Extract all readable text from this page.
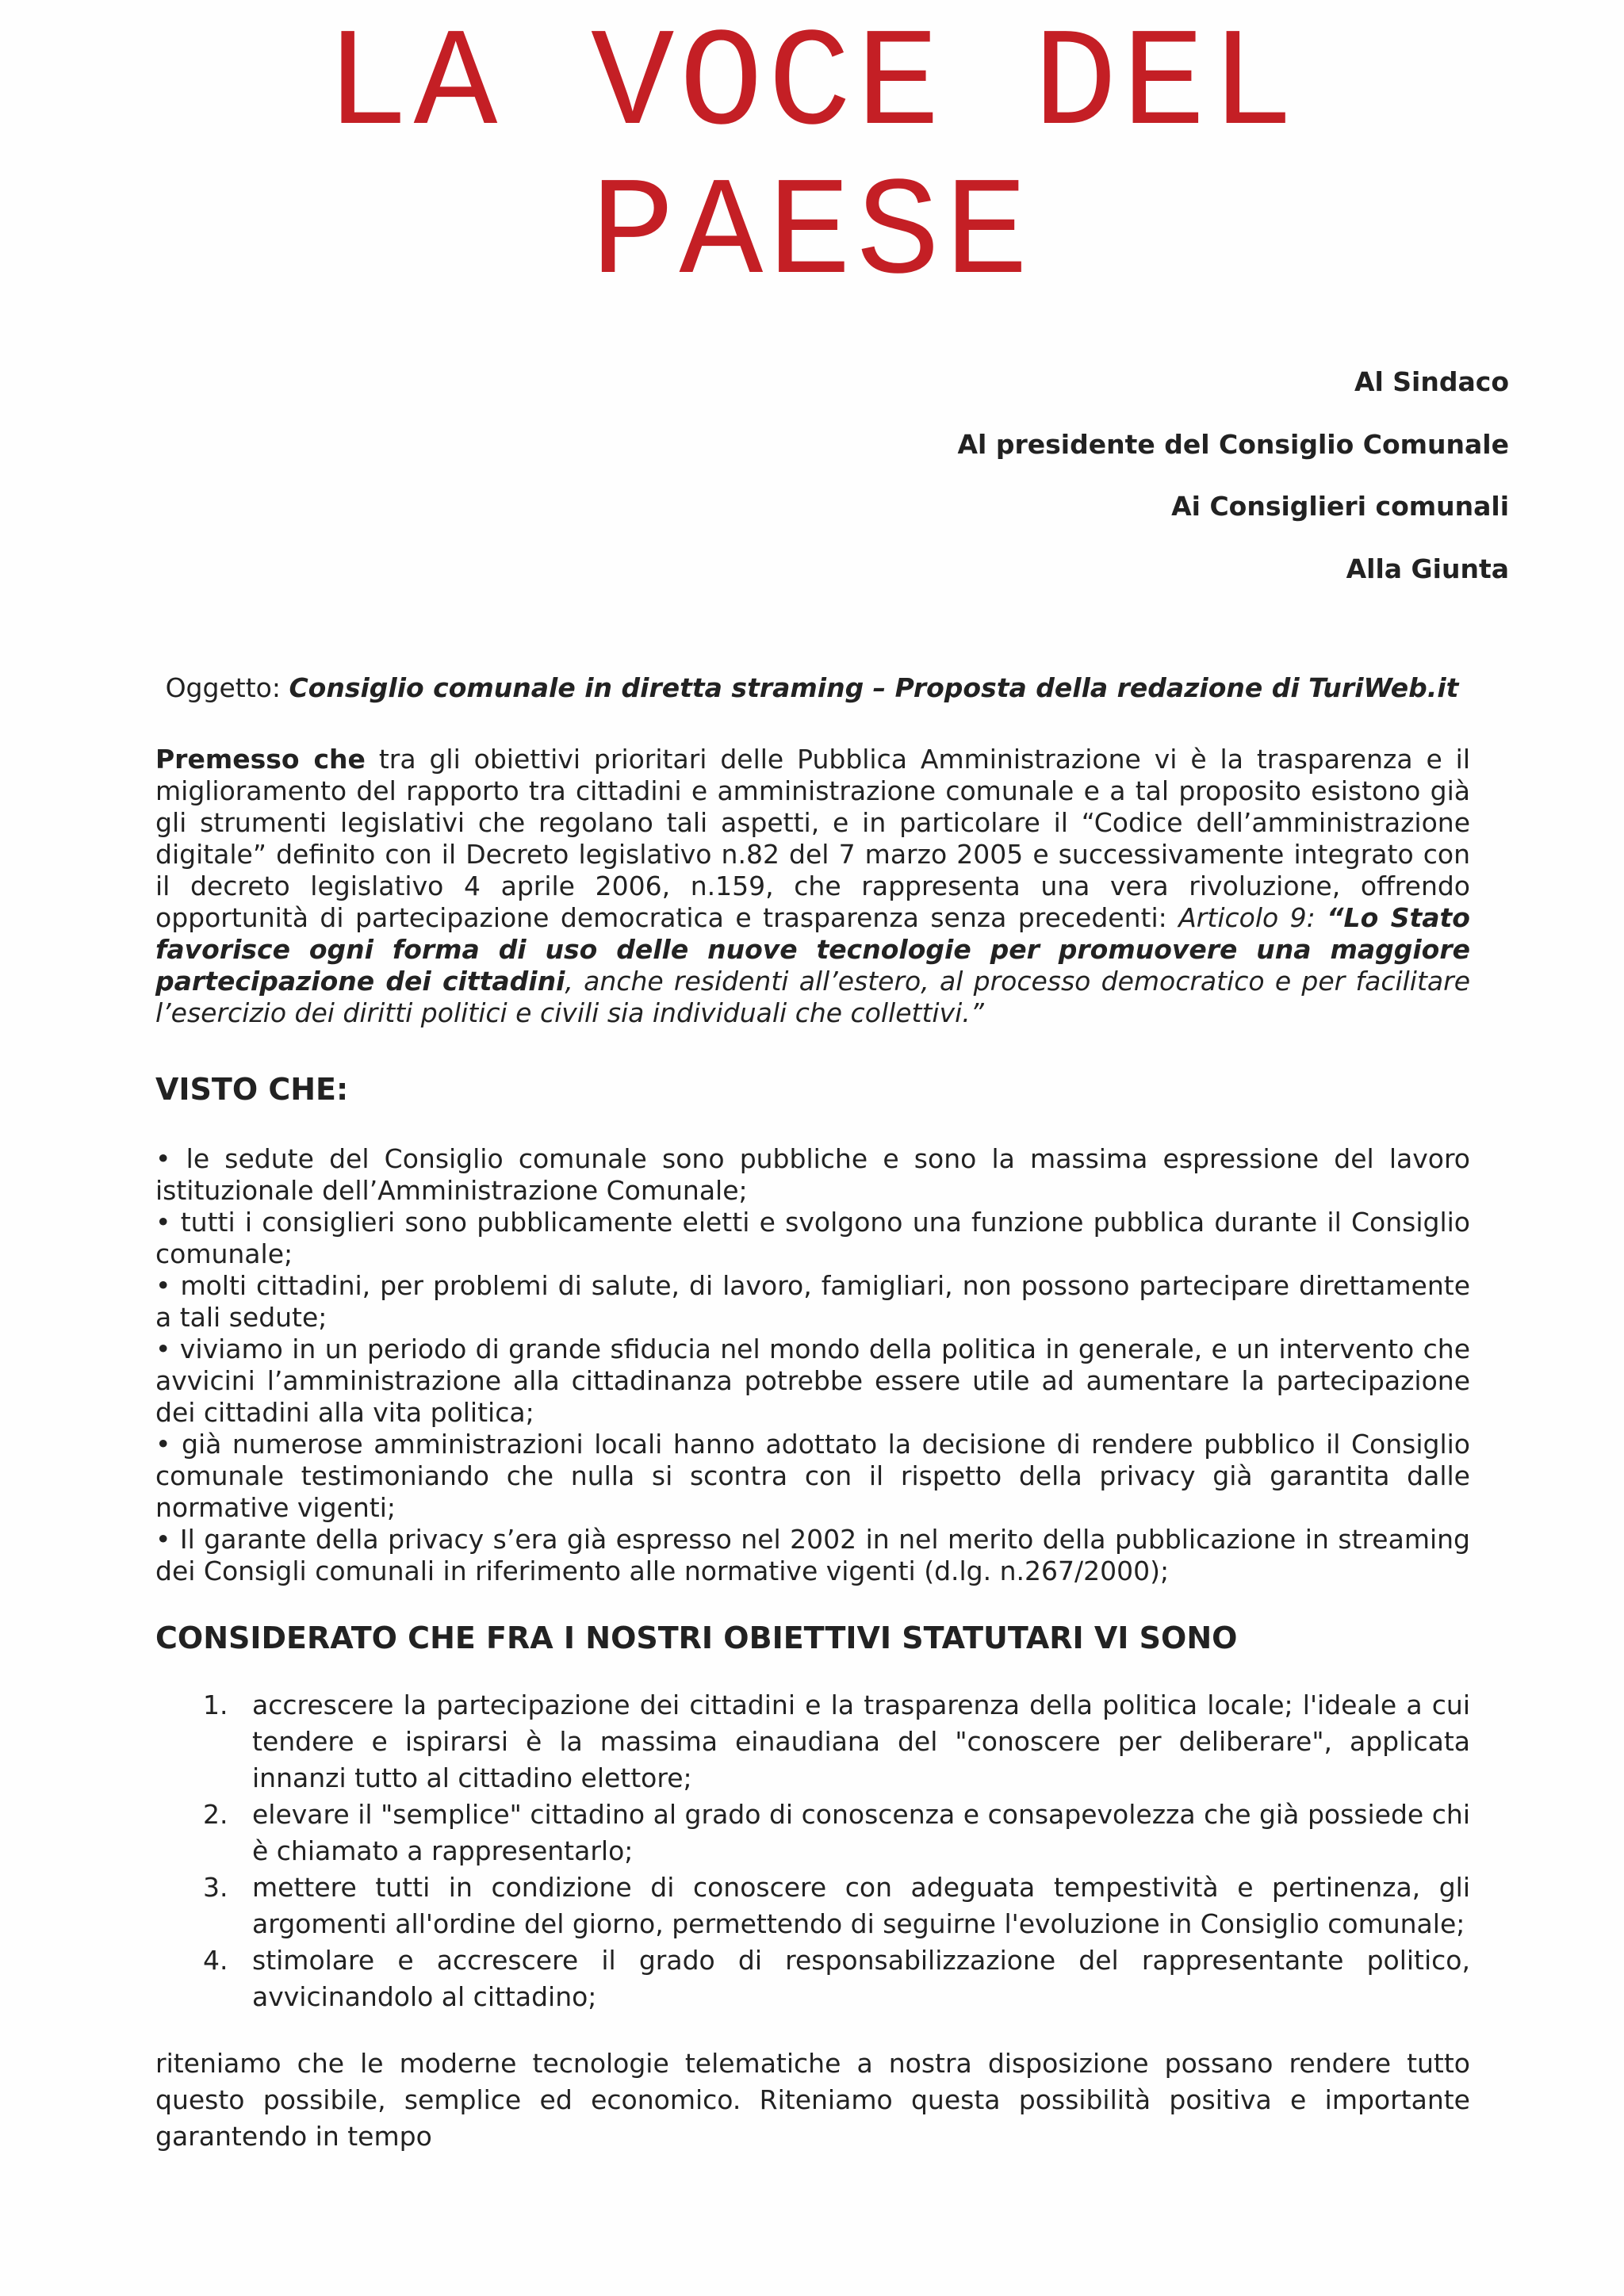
LA VOCE DEL
PAESE
Al Sindaco
Al presidente del Consiglio Comunale
Ai Consiglieri comunali
Alla Giunta
Oggetto: Consiglio comunale in diretta straming – Proposta della redazione di TuriWeb.it
Premesso che tra gli obiettivi prioritari delle Pubblica Amministrazione vi è la trasparenza e il miglioramento del rapporto tra cittadini e amministrazione comunale e a tal proposito esistono già gli strumenti legislativi che regolano tali aspetti, e in particolare il “Codice dell’amministrazione digitale” definito con il Decreto legislativo n.82 del 7 marzo 2005 e successivamente integrato con il decreto legislativo 4 aprile 2006, n.159, che rappresenta una vera rivoluzione, offrendo opportunità di partecipazione democratica e trasparenza senza precedenti: Articolo 9: “Lo Stato favorisce ogni forma di uso delle nuove tecnologie per promuovere una maggiore partecipazione dei cittadini, anche residenti all’estero, al processo democratico e per facilitare l’esercizio dei diritti politici e civili sia individuali che collettivi.”
VISTO CHE:
• le sedute del Consiglio comunale sono pubbliche e sono la massima espressione del lavoro istituzionale dell’Amministrazione Comunale;
• tutti i consiglieri sono pubblicamente eletti e svolgono una funzione pubblica durante il Consiglio comunale;
• molti cittadini, per problemi di salute, di lavoro, famigliari, non possono partecipare direttamente a tali sedute;
• viviamo in un periodo di grande sfiducia nel mondo della politica in generale, e un intervento che avvicini l’amministrazione alla cittadinanza potrebbe essere utile ad aumentare la partecipazione dei cittadini alla vita politica;
• già numerose amministrazioni locali hanno adottato la decisione di rendere pubblico il Consiglio comunale testimoniando che nulla si scontra con il rispetto della privacy già garantita dalle normative vigenti;
• Il garante della privacy s’era già espresso nel 2002 in nel merito della pubblicazione in streaming dei Consigli comunali in riferimento alle normative vigenti (d.lg. n.267/2000);
CONSIDERATO CHE FRA I NOSTRI OBIETTIVI STATUTARI VI SONO
1. accrescere la partecipazione dei cittadini e la trasparenza della politica locale; l'ideale a cui tendere e ispirarsi è la massima einaudiana del "conoscere per deliberare", applicata innanzi tutto al cittadino elettore;
2. elevare il "semplice" cittadino al grado di conoscenza e consapevolezza che già possiede chi è chiamato a rappresentarlo;
3. mettere tutti in condizione di conoscere con adeguata tempestività e pertinenza, gli argomenti all'ordine del giorno, permettendo di seguirne l'evoluzione in Consiglio comunale;
4. stimolare e accrescere il grado di responsabilizzazione del rappresentante politico, avvicinandolo al cittadino;
riteniamo che le moderne tecnologie telematiche a nostra disposizione possano rendere tutto questo possibile, semplice ed economico. Riteniamo questa possibilità positiva e importante garantendo in tempo
